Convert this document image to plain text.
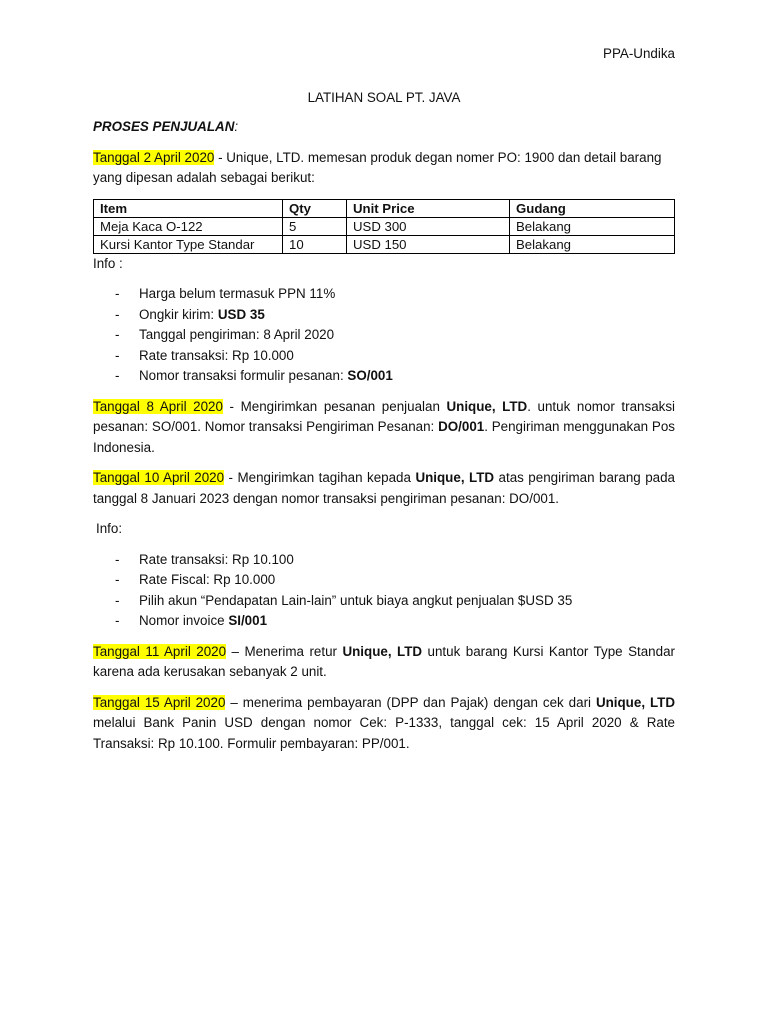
PPA-Undika
LATIHAN SOAL PT. JAVA

PROSES PENJUALAN:

Tanggal 2 April 2020 - Unique, LTD. memesan produk degan nomer PO: 1900 dan detail barang yang dipesan adalah sebagai berikut:

Item	Qty	Unit Price	Gudang
Meja Kaca O-122	5	USD 300	Belakang
Kursi Kantor Type Standar	10	USD 150	Belakang

Info :

- Harga belum termasuk PPN 11%
- Ongkir kirim: USD 35
- Tanggal pengiriman: 8 April 2020
- Rate transaksi: Rp 10.000
- Nomor transaksi formulir pesanan: SO/001

Tanggal 8 April 2020 - Mengirimkan pesanan penjualan Unique, LTD. untuk nomor transaksi pesanan: SO/001. Nomor transaksi Pengiriman Pesanan: DO/001. Pengiriman menggunakan Pos Indonesia.

Tanggal 10 April 2020 - Mengirimkan tagihan kepada Unique, LTD atas pengiriman barang pada tanggal 8 Januari 2023 dengan nomor transaksi pengiriman pesanan: DO/001.

Info:

- Rate transaksi: Rp 10.100
- Rate Fiscal: Rp 10.000
- Pilih akun “Pendapatan Lain-lain” untuk biaya angkut penjualan $USD 35
- Nomor invoice SI/001

Tanggal 11 April 2020 – Menerima retur Unique, LTD untuk barang Kursi Kantor Type Standar karena ada kerusakan sebanyak 2 unit.

Tanggal 15 April 2020 – menerima pembayaran (DPP dan Pajak) dengan cek dari Unique, LTD melalui Bank Panin USD dengan nomor Cek: P-1333, tanggal cek: 15 April 2020 & Rate Transaksi: Rp 10.100. Formulir pembayaran: PP/001.
